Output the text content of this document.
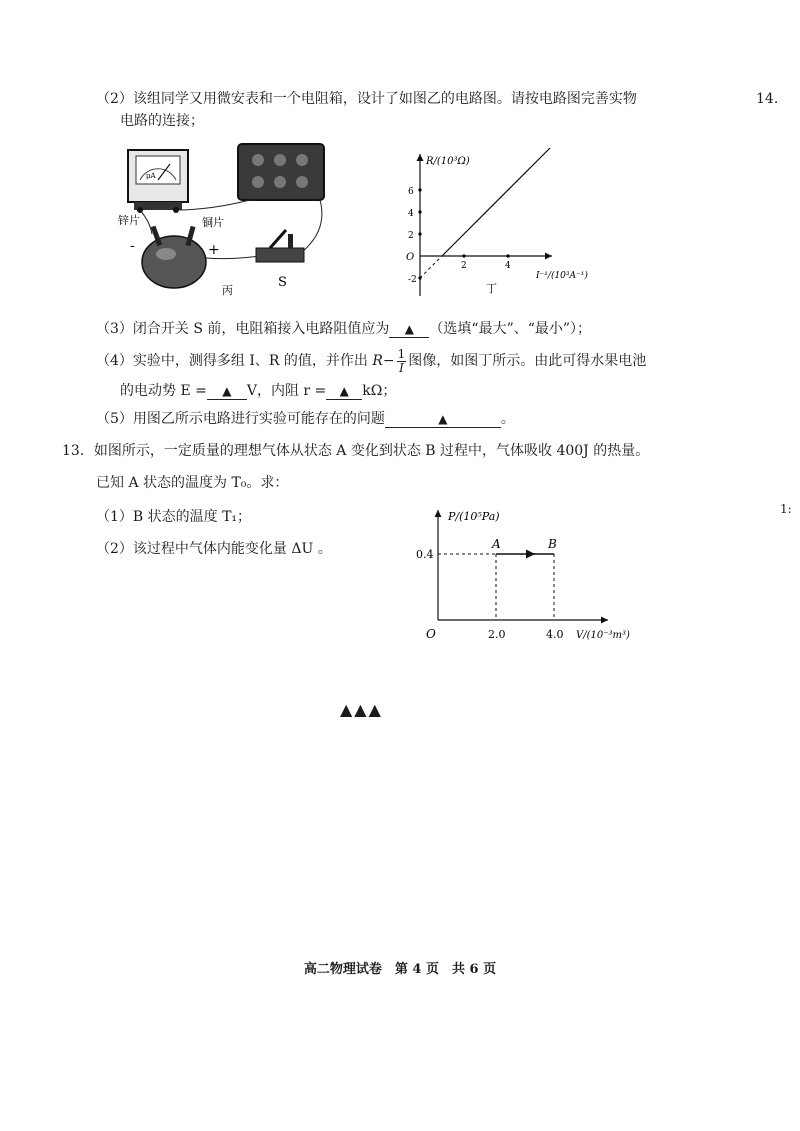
14.
1:
（2）该组同学又用微安表和一个电阻箱，设计了如图乙的电路图。请按电路图完善实物
电路的连接；
μA
锌片	铜片
-	+
S
丙
6
4
2
-2
2	4
R/(10³Ω)
I⁻¹/(10³A⁻¹)
O
丁
（3）闭合开关 S 前，电阻箱接入电路阻值应为 ▲ （选填“最大”、“最小”）；
（4）实验中，测得多组 I、R 的值，并作出 $R- \frac{1}{I}$ 图像，如图丁所示。由此可得水果电池
的电动势 E = ▲ V，内阻 r = ▲ kΩ；
（5）用图乙所示电路进行实验可能存在的问题	▲	。
13．如图所示，一定质量的理想气体从状态 A 变化到状态 B 过程中，气体吸收 400J 的热量。
已知 A 状态的温度为 T₀。求：
（1）B 状态的温度 T₁；
（2）该过程中气体内能变化量 ΔU 。
P/(10⁵Pa)
V/(10⁻³m³)
O
A	B
0.4
2.0	4.0
▲▲▲
高二物理试卷　第 4 页　共 6 页
